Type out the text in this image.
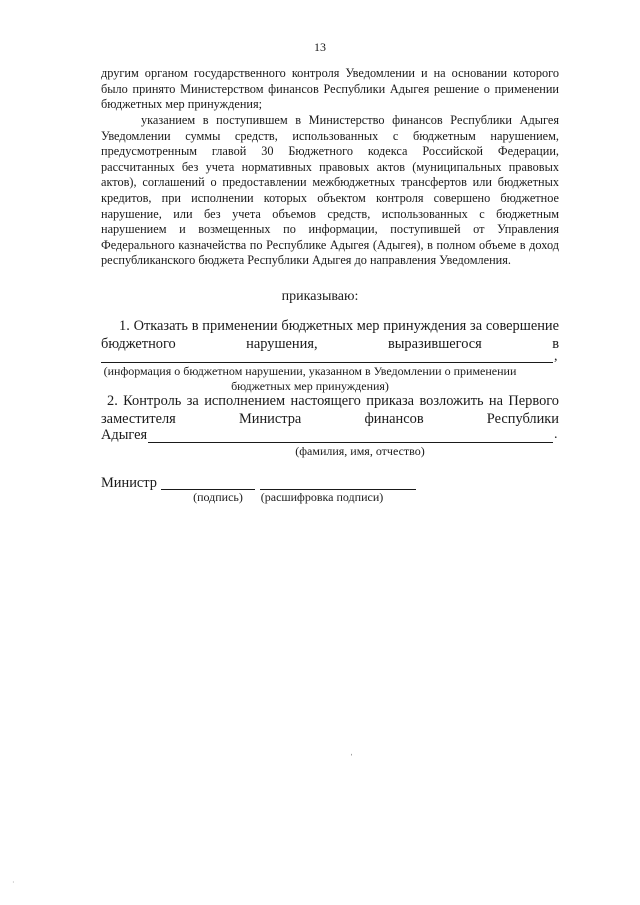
13
другим органом государственного контроля Уведомлении и на основании которого было принято Министерством финансов Республики Адыгея решение о применении бюджетных мер принуждения;
указанием в поступившем в Министерство финансов Республики Адыгея Уведомлении суммы средств, использованных с бюджетным нарушением, предусмотренным главой 30 Бюджетного кодекса Российской Федерации, рассчитанных без учета нормативных правовых актов (муниципальных правовых актов), соглашений о предоставлении межбюджетных трансфертов или бюджетных кредитов, при исполнении которых объектом контроля совершено бюджетное нарушение, или без учета объемов средств, использованных с бюджетным нарушением и возмещенных по информации, поступившей от Управления Федерального казначейства по Республике Адыгея (Адыгея), в полном объеме в доход республиканского бюджета Республики Адыгея до направления Уведомления.
приказываю:
1. Отказать в применении бюджетных мер принуждения за совершение бюджетного нарушения, выразившегося в
,
(информация о бюджетном нарушении, указанном в Уведомлении о применении бюджетных мер принуждения)
2. Контроль за исполнением настоящего приказа возложить на Первого заместителя Министра финансов Республики
Адыгея	.
(фамилия, имя, отчество)
Министр
(подпись)	(расшифровка подписи)
ˌ
·
